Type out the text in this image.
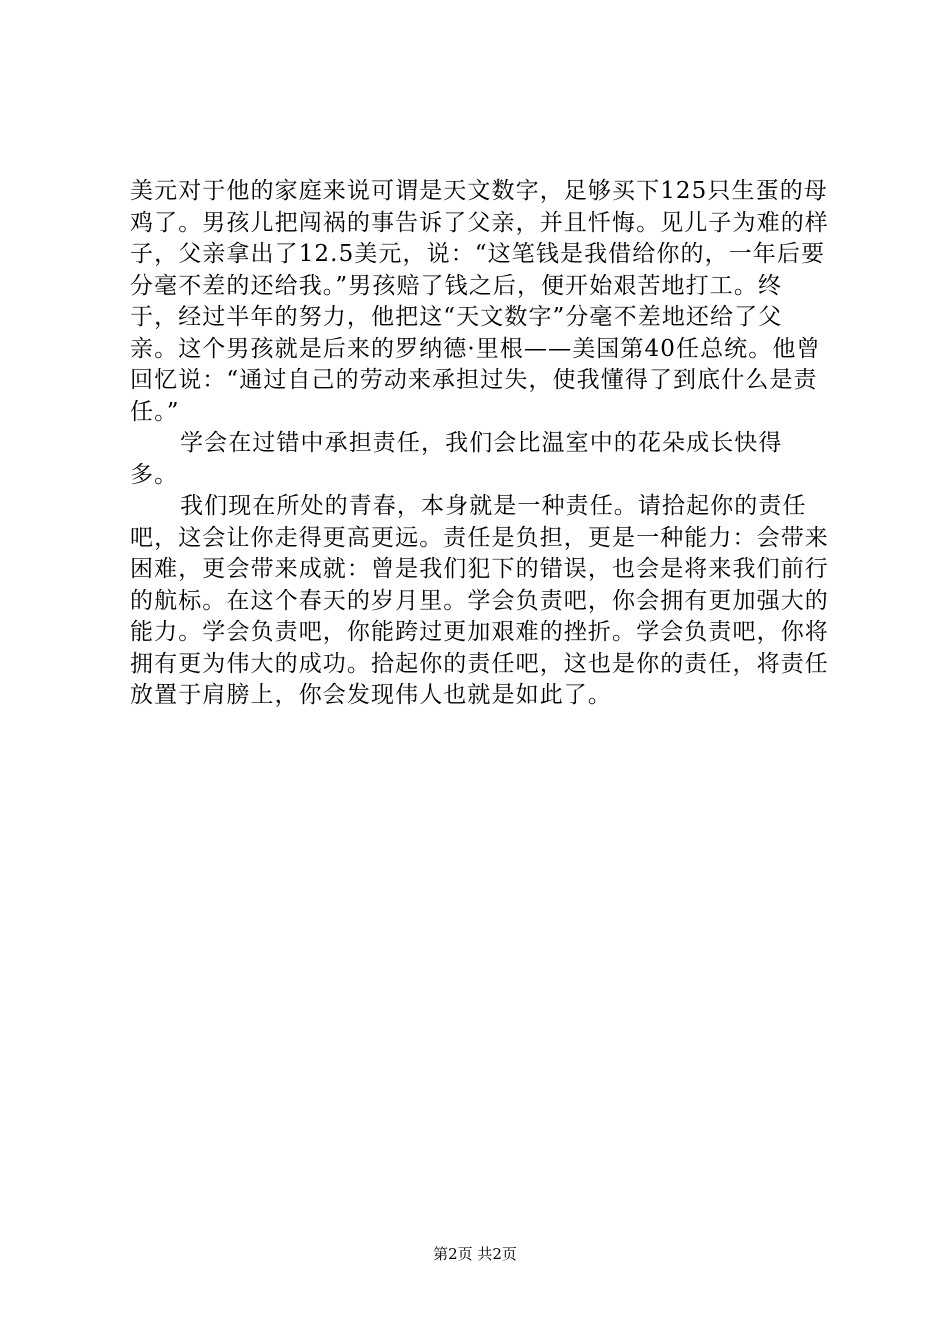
美元对于他的家庭来说可谓是天文数字，足够买下125只生蛋的母鸡了。男孩儿把闯祸的事告诉了父亲，并且忏悔。见儿子为难的样子，父亲拿出了12.5美元，说：“这笔钱是我借给你的，一年后要分毫不差的还给我。”男孩赔了钱之后，便开始艰苦地打工。终于，经过半年的努力，他把这“天文数字”分毫不差地还给了父亲。这个男孩就是后来的罗纳德·里根——美国第40任总统。他曾回忆说：“通过自己的劳动来承担过失，使我懂得了到底什么是责任。”

学会在过错中承担责任，我们会比温室中的花朵成长快得多。

我们现在所处的青春，本身就是一种责任。请拾起你的责任吧，这会让你走得更高更远。责任是负担，更是一种能力：会带来困难，更会带来成就：曾是我们犯下的错误，也会是将来我们前行的航标。在这个春天的岁月里。学会负责吧，你会拥有更加强大的能力。学会负责吧，你能跨过更加艰难的挫折。学会负责吧，你将拥有更为伟大的成功。拾起你的责任吧，这也是你的责任，将责任放置于肩膀上，你会发现伟人也就是如此了。

第2页 共2页
